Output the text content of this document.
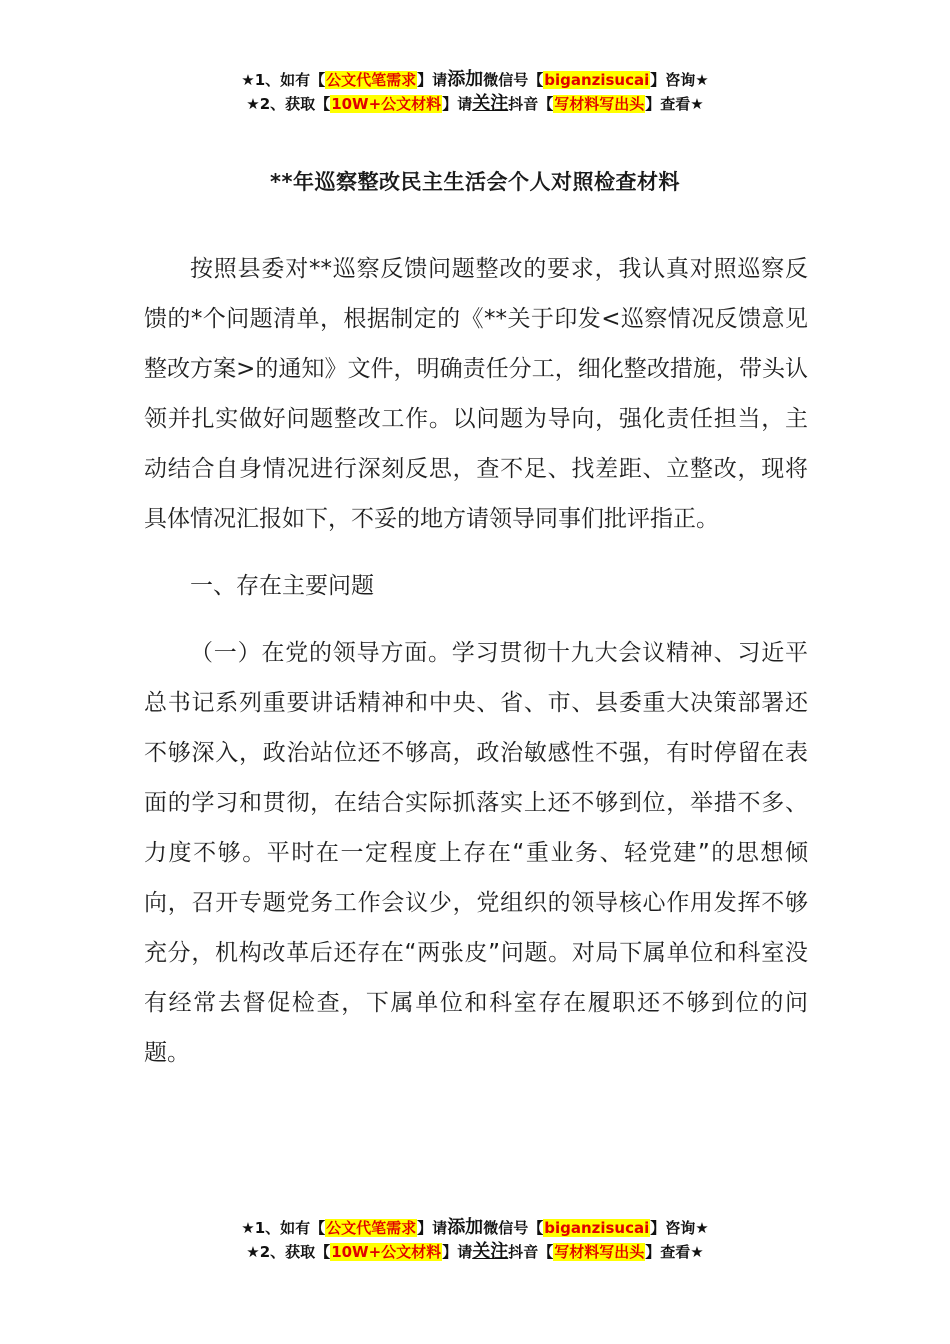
★1、如有【公文代笔需求】请添加微信号【biganzisucai】咨询★
★2、获取【10W+公文材料】请关注抖音【写材料写出头】查看★
**年巡察整改民主生活会个人对照检查材料

按照县委对**巡察反馈问题整改的要求，我认真对照巡察反馈的*个问题清单，根据制定的《**关于印发<巡察情况反馈意见整改方案>的通知》文件，明确责任分工，细化整改措施，带头认领并扎实做好问题整改工作。以问题为导向，强化责任担当，主动结合自身情况进行深刻反思，查不足、找差距、立整改，现将具体情况汇报如下，不妥的地方请领导同事们批评指正。

一、存在主要问题

（一）在党的领导方面。学习贯彻十九大会议精神、习近平总书记系列重要讲话精神和中央、省、市、县委重大决策部署还不够深入，政治站位还不够高，政治敏感性不强，有时停留在表面的学习和贯彻，在结合实际抓落实上还不够到位，举措不多、力度不够。平时在一定程度上存在“重业务、轻党建”的思想倾向，召开专题党务工作会议少，党组织的领导核心作用发挥不够充分，机构改革后还存在“两张皮”问题。对局下属单位和科室没有经常去督促检查，下属单位和科室存在履职还不够到位的问题。

★1、如有【公文代笔需求】请添加微信号【biganzisucai】咨询★
★2、获取【10W+公文材料】请关注抖音【写材料写出头】查看★
